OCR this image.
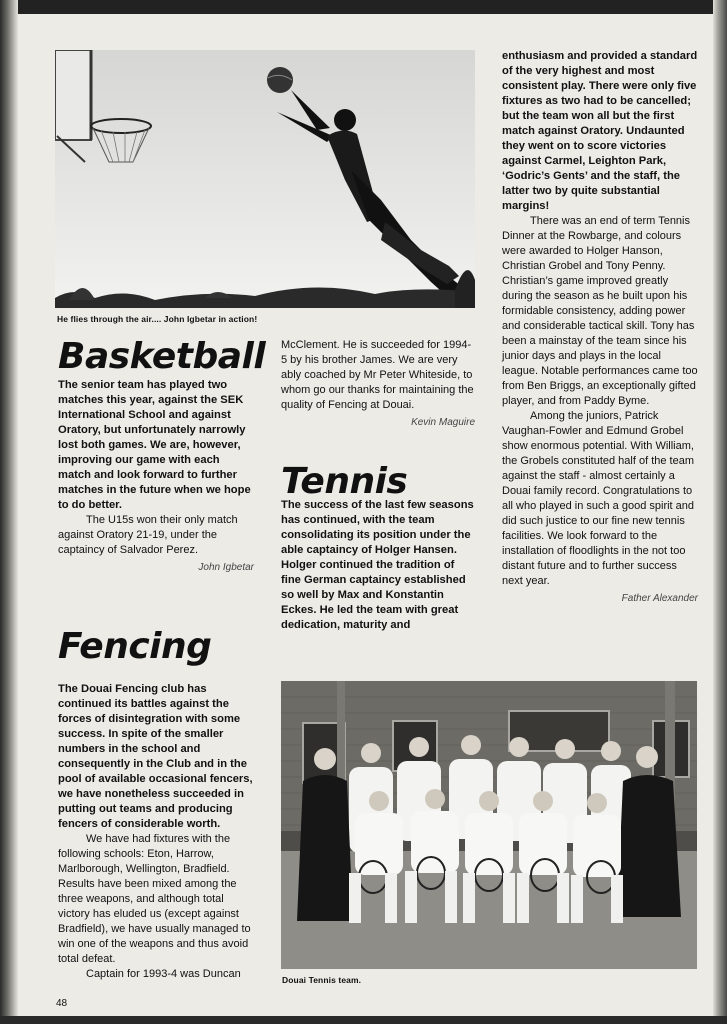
He flies through the air.... John Igbetar in action!
Basketball

The senior team has played two matches this year, against the SEK International School and against Oratory, but unfortunately narrowly lost both games. We are, however, improving our game with each match and look forward to further matches in the future when we hope to do better.

The U15s won their only match against Oratory 21-19, under the captaincy of Salvador Perez.

John Igbetar

Fencing

The Douai Fencing club has continued its battles against the forces of disintegration with some success. In spite of the smaller numbers in the school and consequently in the Club and in the pool of available occasional fencers, we have nonetheless succeeded in putting out teams and producing fencers of considerable worth.

We have had fixtures with the following schools: Eton, Harrow, Marlborough, Wellington, Bradfield. Results have been mixed among the three weapons, and although total victory has eluded us (except against Bradfield), we have usually managed to win one of the weapons and thus avoid total defeat.

Captain for 1993-4 was Duncan

McClement. He is succeeded for 1994-5 by his brother James. We are very ably coached by Mr Peter Whiteside, to whom go our thanks for maintaining the quality of Fencing at Douai.

Kevin Maguire

Tennis

The success of the last few seasons has continued, with the team consolidating its position under the able captaincy of Holger Hansen. Holger continued the tradition of fine German captaincy established so well by Max and Konstantin Eckes. He led the team with great dedication, maturity and

enthusiasm and provided a standard of the very highest and most consistent play. There were only five fixtures as two had to be cancelled; but the team won all but the first match against Oratory. Undaunted they went on to score victories against Carmel, Leighton Park, ‘Godric’s Gents’ and the staff, the latter two by quite substantial margins!

There was an end of term Tennis Dinner at the Rowbarge, and colours were awarded to Holger Hanson, Christian Grobel and Tony Penny. Christian’s game improved greatly during the season as he built upon his formidable consistency, adding power and considerable tactical skill. Tony has been a mainstay of the team since his junior days and plays in the local league. Notable performances came too from Ben Briggs, an exceptionally gifted player, and from Paddy Byme.

Among the juniors, Patrick Vaughan-Fowler and Edmund Grobel show enormous potential. With William, the Grobels constituted half of the team against the staff - almost certainly a Douai family record. Congratulations to all who played in such a good spirit and did such justice to our fine new tennis facilities. We look forward to the installation of floodlights in the not too distant future and to further success next year.

Father Alexander

Douai Tennis team.
48
